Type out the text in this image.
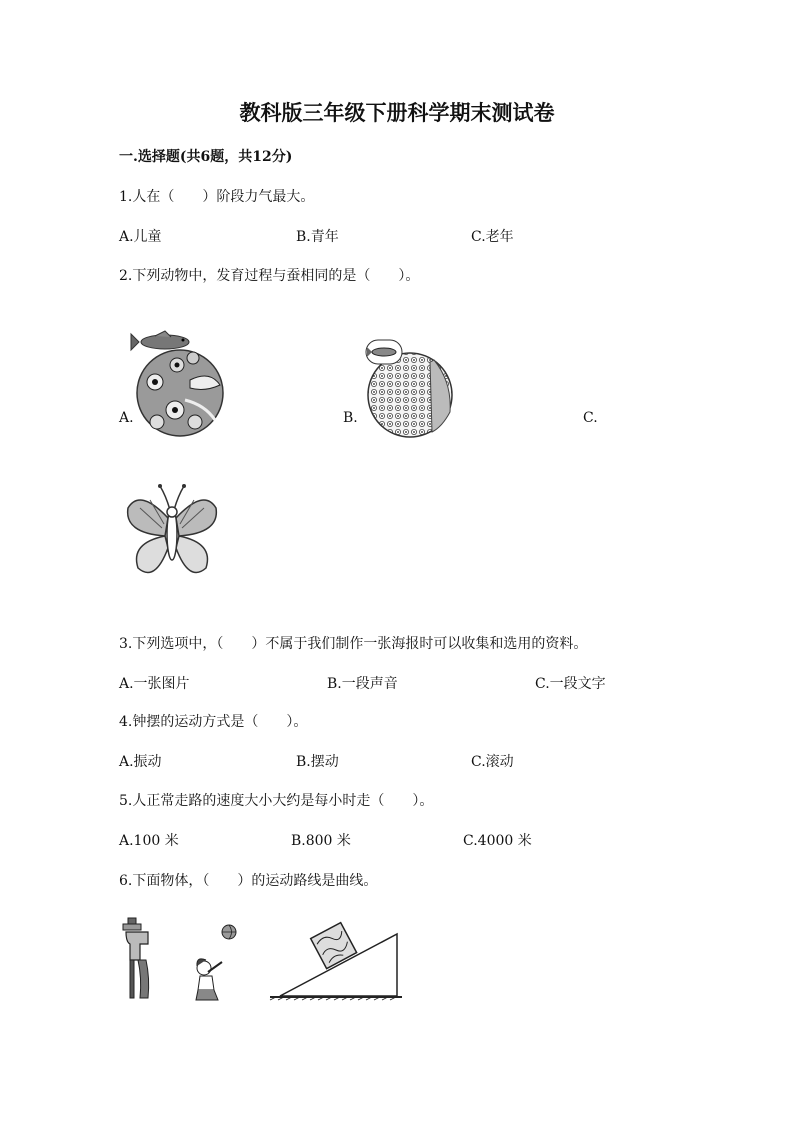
教科版三年级下册科学期末测试卷
一.选择题(共6题，共12分)
1.人在（　　）阶段力气最大。
A.儿童	B.青年	C.老年
2.下列动物中，发育过程与蚕相同的是（　　）。
A.	B.	C.
3.下列选项中，（　　）不属于我们制作一张海报时可以收集和选用的资料。
A.一张图片	B.一段声音	C.一段文字
4.钟摆的运动方式是（　　）。
A.振动	B.摆动	C.滚动
5.人正常走路的速度大小大约是每小时走（　　）。
A.100 米	B.800 米	C.4000 米
6.下面物体，（　　）的运动路线是曲线。
